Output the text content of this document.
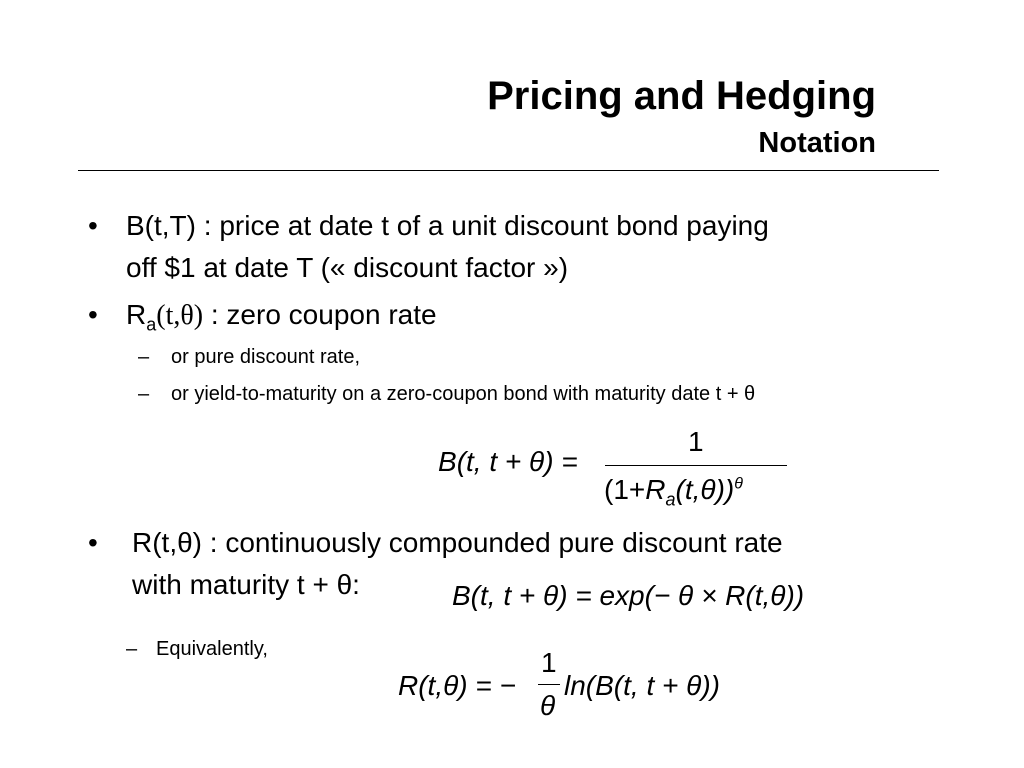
Pricing and Hedging
Notation
• B(t,T) : price at date t of a unit discount bond paying
off $1 at date T (« discount factor »)
• $R_a(t,\theta)$ : zero coupon rate
– or pure discount rate,
– or yield-to-maturity on a zero-coupon bond with maturity date t + θ
B(t, t + θ) =
1
$(1+R_a(t,\theta))^\theta$
• R(t,θ) : continuously compounded pure discount rate
with maturity t + θ:	B(t, t + θ) = exp(− θ × R(t,θ))
– Equivalently,
R(t,θ) = −
1
θ
ln(B(t, t + θ))
